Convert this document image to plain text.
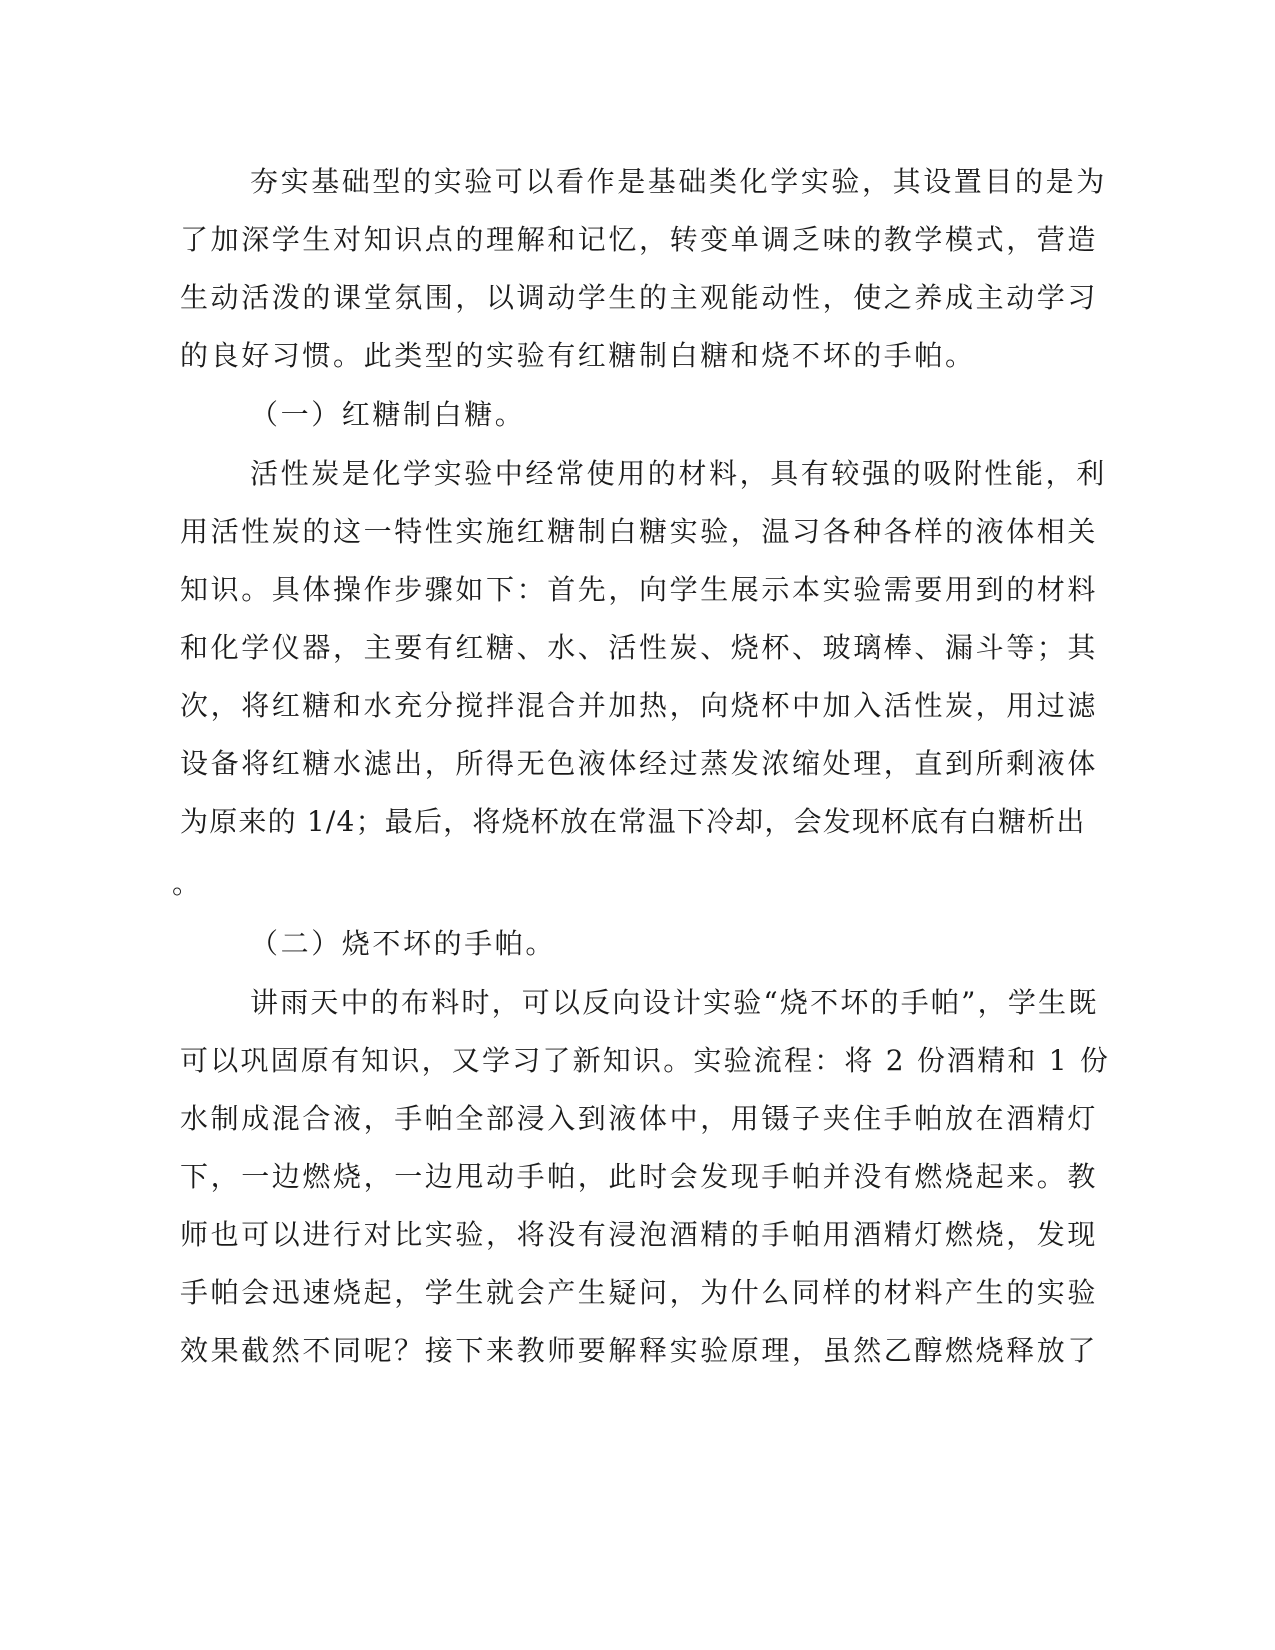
夯实基础型的实验可以看作是基础类化学实验，其设置目的是为
了加深学生对知识点的理解和记忆，转变单调乏味的教学模式，营造
生动活泼的课堂氛围，以调动学生的主观能动性，使之养成主动学习
的良好习惯。此类型的实验有红糖制白糖和烧不坏的手帕。
（一）红糖制白糖。
活性炭是化学实验中经常使用的材料，具有较强的吸附性能，利
用活性炭的这一特性实施红糖制白糖实验，温习各种各样的液体相关
知识。具体操作步骤如下：首先，向学生展示本实验需要用到的材料
和化学仪器，主要有红糖、水、活性炭、烧杯、玻璃棒、漏斗等；其
次，将红糖和水充分搅拌混合并加热，向烧杯中加入活性炭，用过滤
设备将红糖水滤出，所得无色液体经过蒸发浓缩处理，直到所剩液体
为原来的 1/4；最后，将烧杯放在常温下冷却，会发现杯底有白糖析出
。
（二）烧不坏的手帕。
讲雨天中的布料时，可以反向设计实验“烧不坏的手帕”，学生既
可以巩固原有知识，又学习了新知识。实验流程：将 2 份酒精和 1 份
水制成混合液，手帕全部浸入到液体中，用镊子夹住手帕放在酒精灯
下，一边燃烧，一边甩动手帕，此时会发现手帕并没有燃烧起来。教
师也可以进行对比实验，将没有浸泡酒精的手帕用酒精灯燃烧，发现
手帕会迅速烧起，学生就会产生疑问，为什么同样的材料产生的实验
效果截然不同呢？接下来教师要解释实验原理，虽然乙醇燃烧释放了
